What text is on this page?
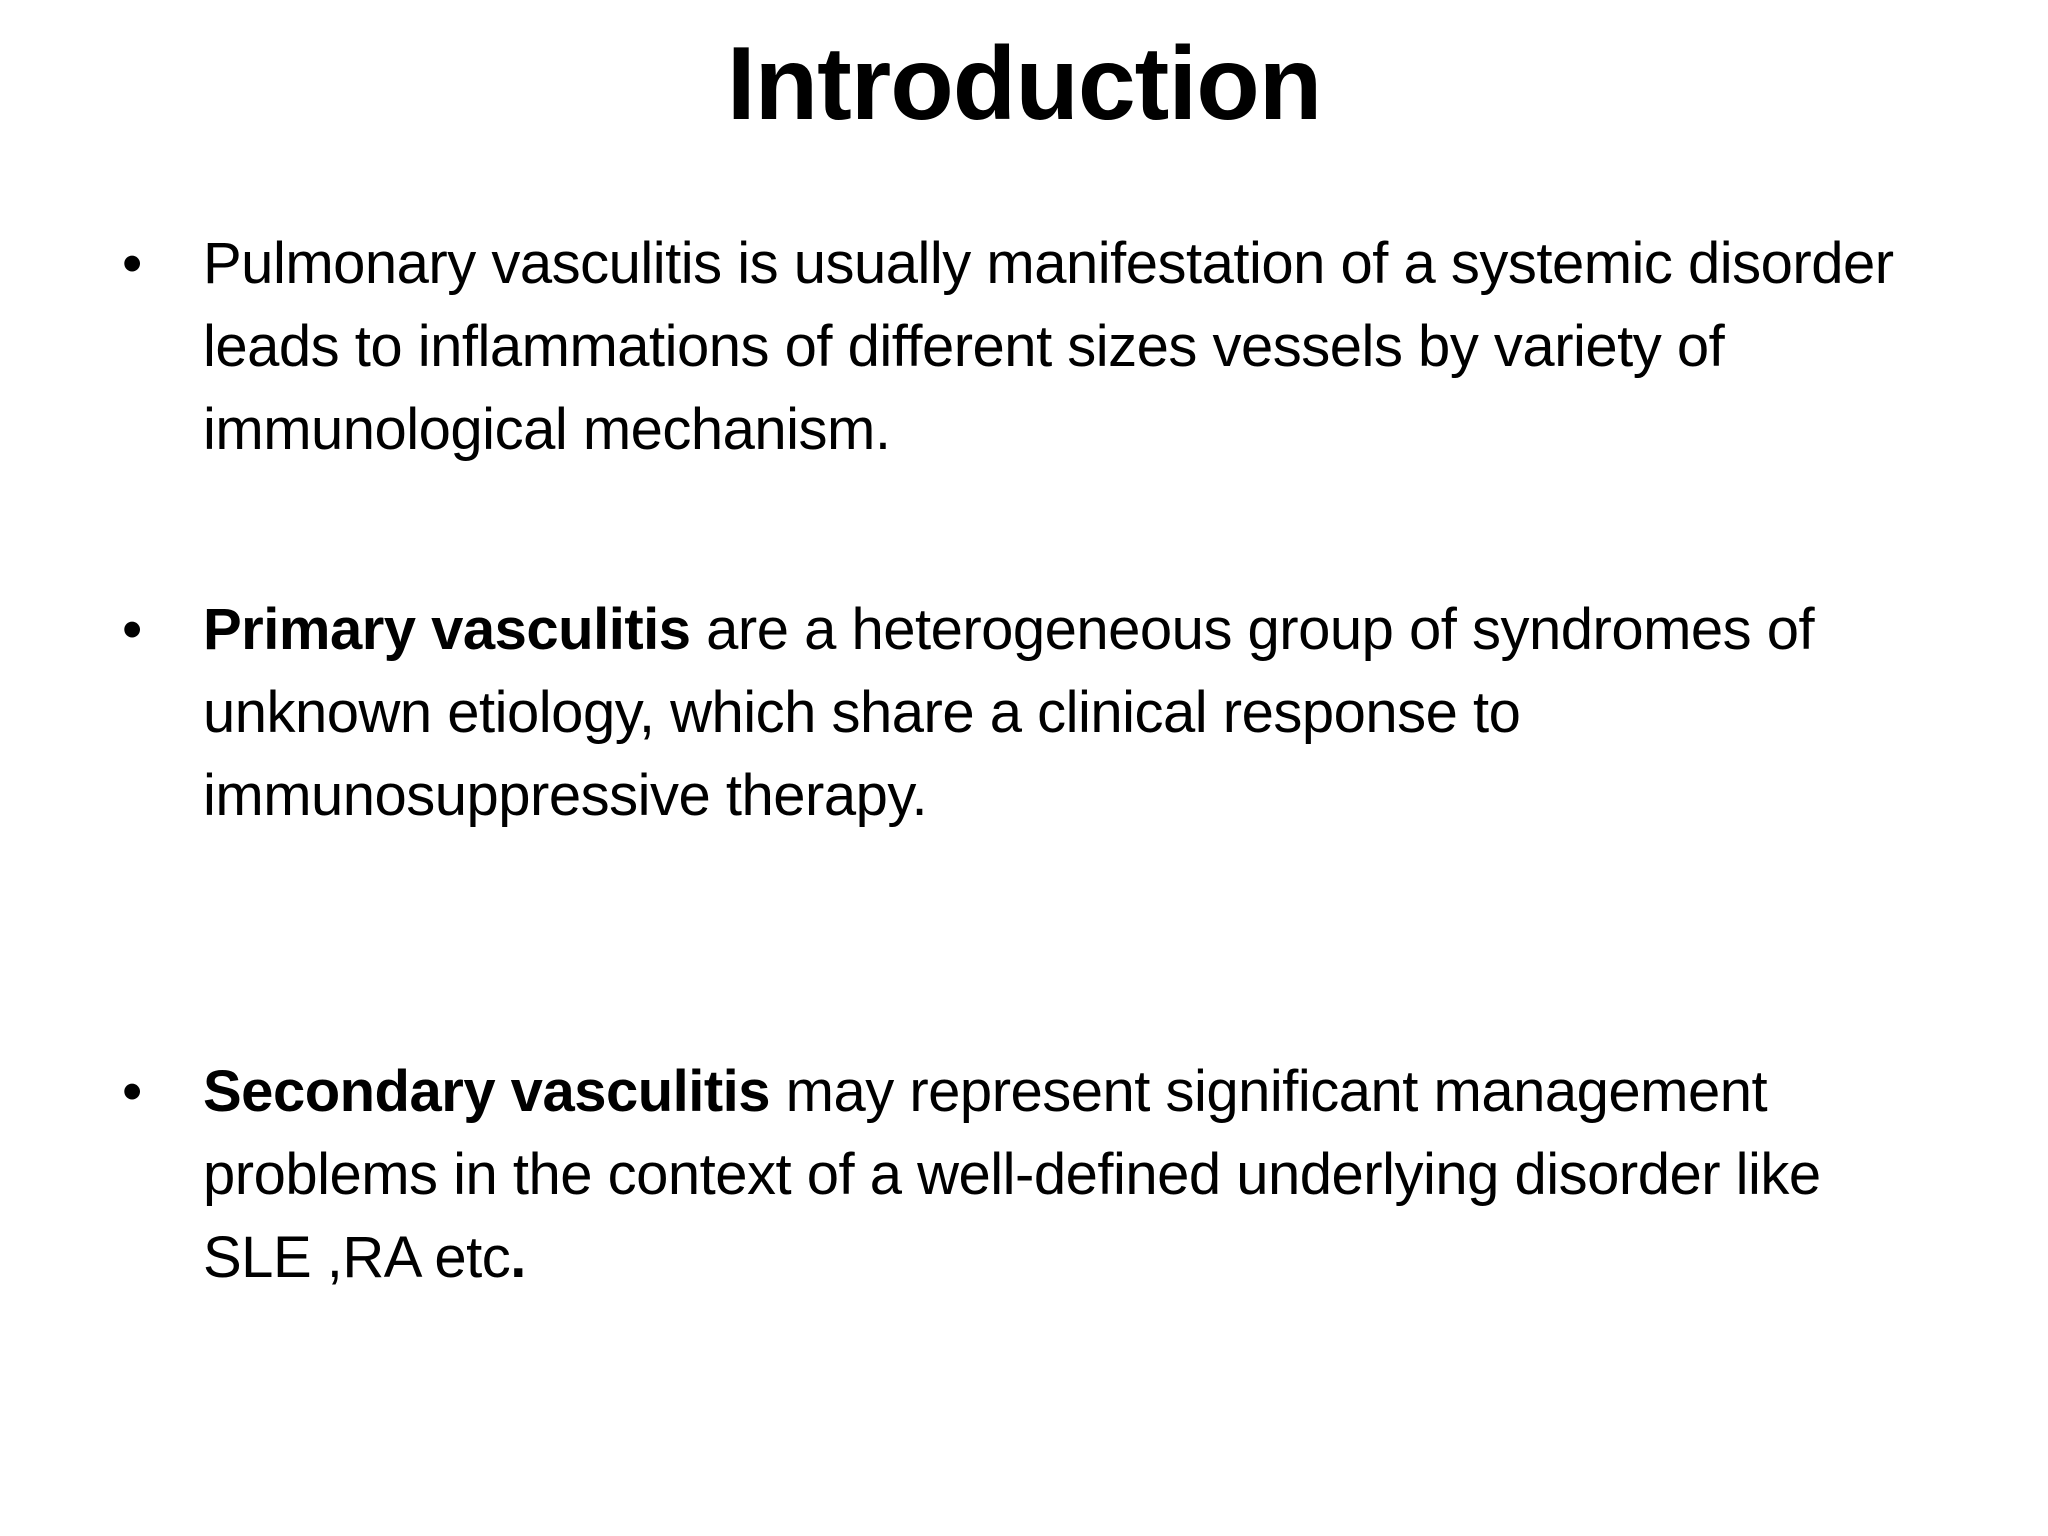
Introduction
•	Pulmonary vasculitis is usually manifestation of a systemic disorder leads to inflammations of different sizes vessels by variety of immunological mechanism.
•	Primary vasculitis are a heterogeneous group of syndromes of unknown etiology, which share a clinical response to immunosuppressive therapy.
•	Secondary vasculitis may represent significant management problems in the context of a well-defined underlying disorder like SLE ,RA etc.
